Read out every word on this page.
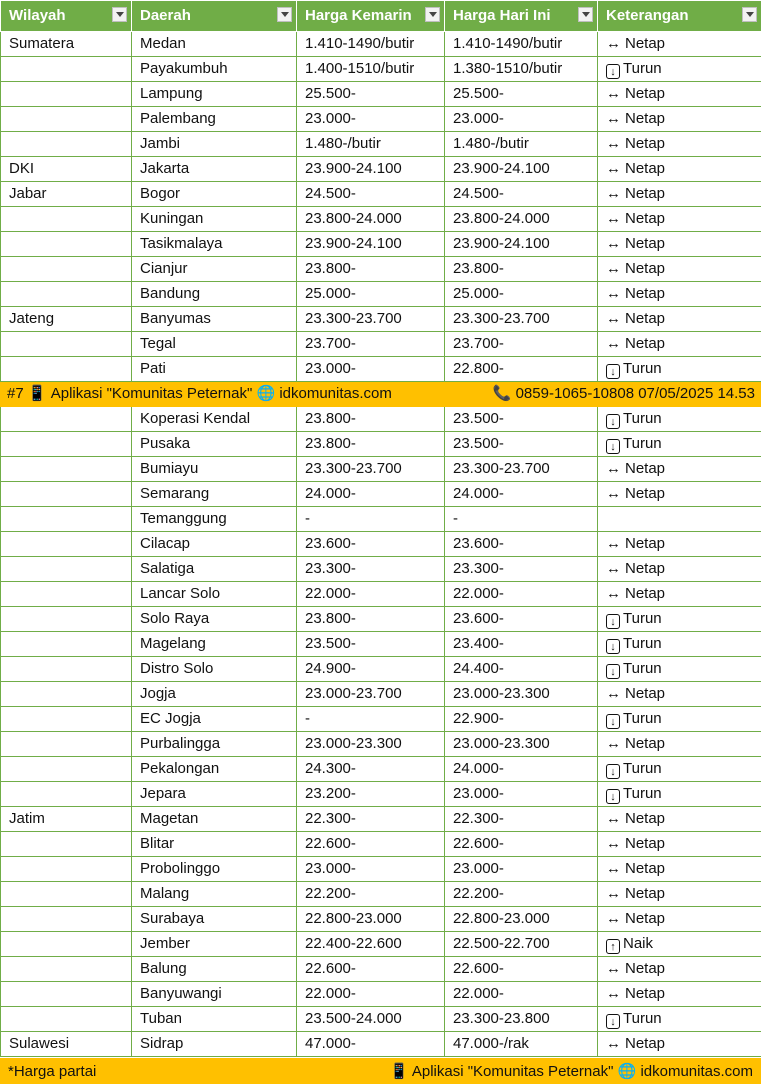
Wilayah	Daerah	Harga Kemarin	Harga Hari Ini	Keterangan

Sumatera	Medan	1.410-1490/butir	1.410-1490/butir	↔ Netap
	Payakumbuh	1.400-1510/butir	1.380-1510/butir	↓ Turun
	Lampung	25.500-	25.500-	↔ Netap
	Palembang	23.000-	23.000-	↔ Netap
	Jambi	1.480-/butir	1.480-/butir	↔ Netap
DKI	Jakarta	23.900-24.100	23.900-24.100	↔ Netap
Jabar	Bogor	24.500-	24.500-	↔ Netap
	Kuningan	23.800-24.000	23.800-24.000	↔ Netap
	Tasikmalaya	23.900-24.100	23.900-24.100	↔ Netap
	Cianjur	23.800-	23.800-	↔ Netap
	Bandung	25.000-	25.000-	↔ Netap
Jateng	Banyumas	23.300-23.700	23.300-23.700	↔ Netap
	Tegal	23.700-	23.700-	↔ Netap
	Pati	23.000-	22.800-	↓ Turun

#7 📱 Aplikasi "Komunitas Peternak" 🌐 idkomunitas.com 📞 0859-1065-10808 07/05/2025 14.53				

	Koperasi Kendal	23.800-	23.500-	↓ Turun
	Pusaka	23.800-	23.500-	↓ Turun
	Bumiayu	23.300-23.700	23.300-23.700	↔ Netap
	Semarang	24.000-	24.000-	↔ Netap
	Temanggung	-	-	
	Cilacap	23.600-	23.600-	↔ Netap
	Salatiga	23.300-	23.300-	↔ Netap
	Lancar Solo	22.000-	22.000-	↔ Netap
	Solo Raya	23.800-	23.600-	↓ Turun
	Magelang	23.500-	23.400-	↓ Turun
	Distro Solo	24.900-	24.400-	↓ Turun
	Jogja	23.000-23.700	23.000-23.300	↔ Netap
	EC Jogja	-	22.900-	↓ Turun
	Purbalingga	23.000-23.300	23.000-23.300	↔ Netap
	Pekalongan	24.300-	24.000-	↓ Turun
	Jepara	23.200-	23.000-	↓ Turun
Jatim	Magetan	22.300-	22.300-	↔ Netap
	Blitar	22.600-	22.600-	↔ Netap
	Probolinggo	23.000-	23.000-	↔ Netap
	Malang	22.200-	22.200-	↔ Netap
	Surabaya	22.800-23.000	22.800-23.000	↔ Netap
	Jember	22.400-22.600	22.500-22.700	↑ Naik
	Balung	22.600-	22.600-	↔ Netap
	Banyuwangi	22.000-	22.000-	↔ Netap
	Tuban	23.500-24.000	23.300-23.800	↓ Turun
Sulawesi	Sidrap	47.000-	47.000-/rak	↔ Netap
*Harga partai	📱 Aplikasi "Komunitas Peternak" 🌐 idkomunitas.com
